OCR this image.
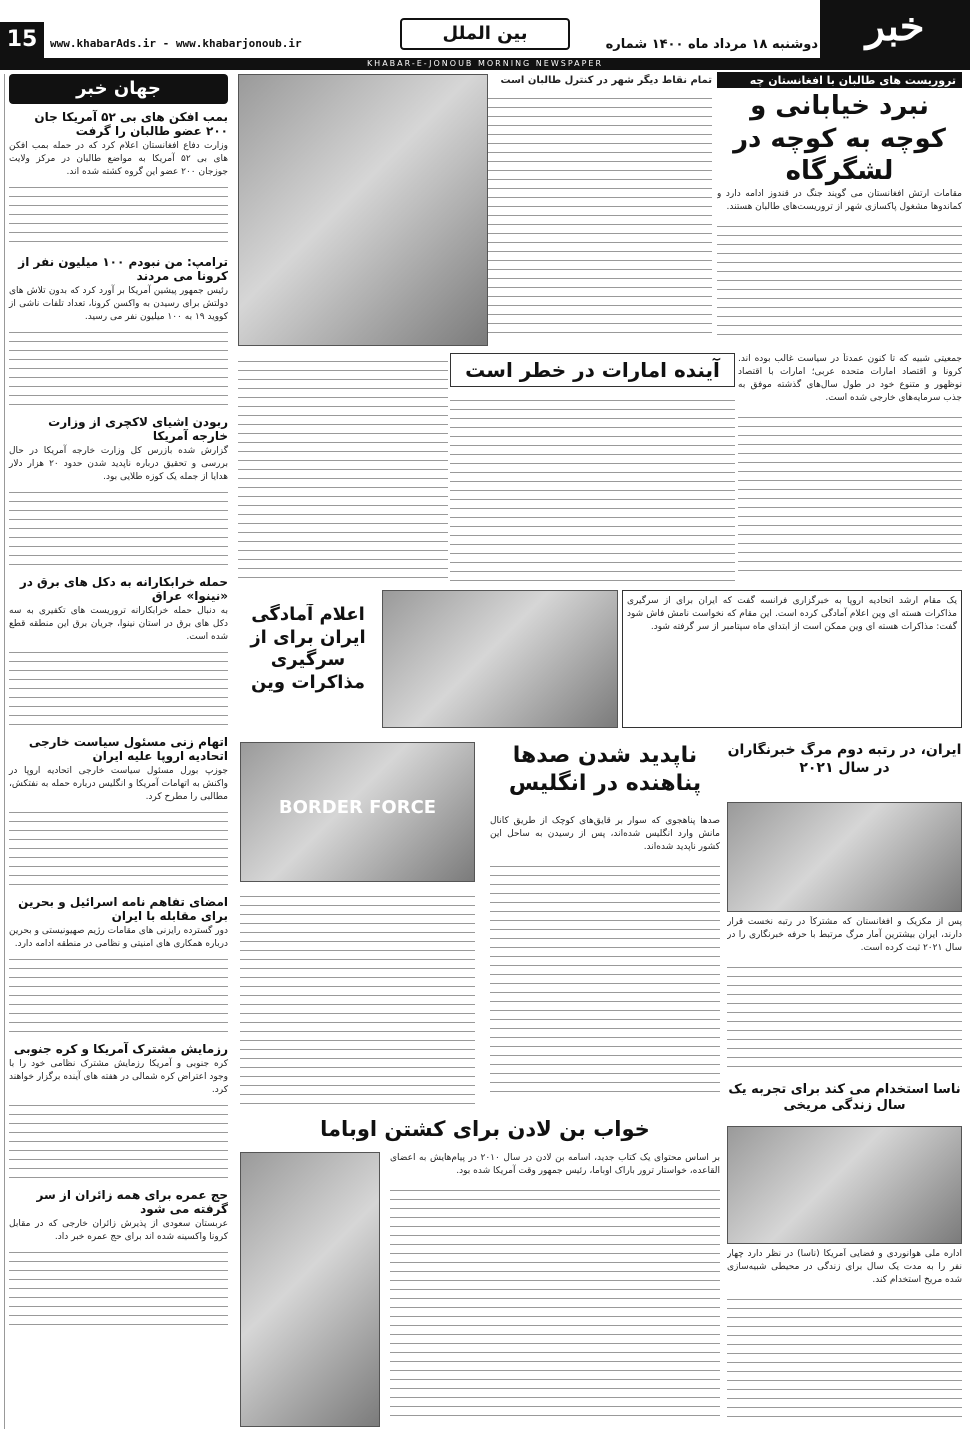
خبر
دوشنبه ۱۸ مرداد ماه ۱۴۰۰ شماره
بین الملل
www.khabarAds.ir - www.khabarjonoub.ir
15
KHABAR-E-JONOUB MORNING NEWSPAPER
تروریست های طالبان با افغانستان چه
نبرد خیابانی و کوچه به کوچه در لشگرگاه
مقامات ارتش افغانستان می گویند جنگ در قندوز ادامه دارد و کماندوها مشغول پاکسازی شهر از تروریست‌های طالبان هستند.
تمام نقاط دیگر شهر در کنترل طالبان است
آینده امارات در خطر است	جمعیتی شبیه که تا کنون عمدتاً در سیاست غالب بوده اند. کرونا و اقتصاد امارات متحده عربی؛ امارات با اقتصاد نوظهور و متنوع خود در طول سال‌های گذشته موفق به جذب سرمایه‌های خارجی شده است.
یک مقام ارشد اتحادیه اروپا به خبرگزاری فرانسه گفت که ایران برای از سرگیری مذاکرات هسته ای وین اعلام آمادگی کرده است. این مقام که نخواست نامش فاش شود گفت: مذاکرات هسته ای وین ممکن است از ابتدای ماه سپتامبر از سر گرفته شود.
اعلام آمادگی ایران برای از سرگیری مذاکرات وین
ناپدید شدن صدها پناهنده در انگلیس
BORDER FORCE
صدها پناهجوی که سوار بر قایق‌های کوچک از طریق کانال مانش وارد انگلیس شده‌اند، پس از رسیدن به ساحل این کشور ناپدید شده‌اند.
ایران، در رتبه دوم مرگ خبرنگاران در سال ۲۰۲۱
پس از مکزیک و افغانستان که مشترکاً در رتبه نخست قرار دارند، ایران بیشترین آمار مرگ مرتبط با حرفه خبرنگاری را در سال ۲۰۲۱ ثبت کرده است.
ناسا استخدام می کند برای تجربه یک سال زندگی مریخی
اداره ملی هوانوردی و فضایی آمریکا (ناسا) در نظر دارد چهار نفر را به مدت یک سال برای زندگی در محیطی شبیه‌سازی شده مریخ استخدام کند.
خواب بن لادن برای کشتن اوباما
بر اساس محتوای یک کتاب جدید، اسامه بن لادن در سال ۲۰۱۰ در پیام‌هایش به اعضای القاعده، خواستار ترور باراک اوباما، رئیس جمهور وقت آمریکا شده بود.
جهان خبر
بمب افکن های بی ۵۲ آمریکا جان ۲۰۰ عضو طالبان را گرفت
وزارت دفاع افغانستان اعلام کرد که در حمله بمب افکن های بی ۵۲ آمریکا به مواضع طالبان در مرکز ولایت جوزجان ۲۰۰ عضو این گروه کشته شده اند.
ترامپ: من نبودم ۱۰۰ میلیون نفر از کرونا می مردند
رئیس جمهور پیشین آمریکا بر آورد کرد که بدون تلاش های دولتش برای رسیدن به واکسن کرونا، تعداد تلفات ناشی از کووید ۱۹ به ۱۰۰ میلیون نفر می رسید.
ربودن اشیای لاکچری از وزارت خارجه آمریکا
گزارش شده بازرس کل وزارت خارجه آمریکا در حال بررسی و تحقیق درباره ناپدید شدن حدود ۲۰ هزار دلار هدایا از جمله یک کوزه طلایی بود.
حمله خرابکارانه به دکل های برق در «نینوا» عراق
به دنبال حمله خرابکارانه تروریست های تکفیری به سه دکل های برق در استان نینوا، جریان برق این منطقه قطع شده است.
اتهام زنی مسئول سیاست خارجی اتحادیه اروپا علیه ایران
جوزپ بورل مسئول سیاست خارجی اتحادیه اروپا در واکنش به اتهامات آمریکا و انگلیس درباره حمله به نفتکش، مطالبی را مطرح کرد.
امضای تفاهم نامه اسرائیل و بحرین برای مقابله با ایران
دور گسترده رایزنی های مقامات رژیم صهیونیستی و بحرین درباره همکاری های امنیتی و نظامی در منطقه ادامه دارد.
رزمایش مشترک آمریکا و کره جنوبی
کره جنوبی و آمریکا رزمایش مشترک نظامی خود را با وجود اعتراض کره شمالی در هفته های آینده برگزار خواهند کرد.
حج عمره برای همه زائران از سر گرفته می شود
عربستان سعودی از پذیرش زائران خارجی که در مقابل کرونا واکسینه شده اند برای حج عمره خبر داد.
